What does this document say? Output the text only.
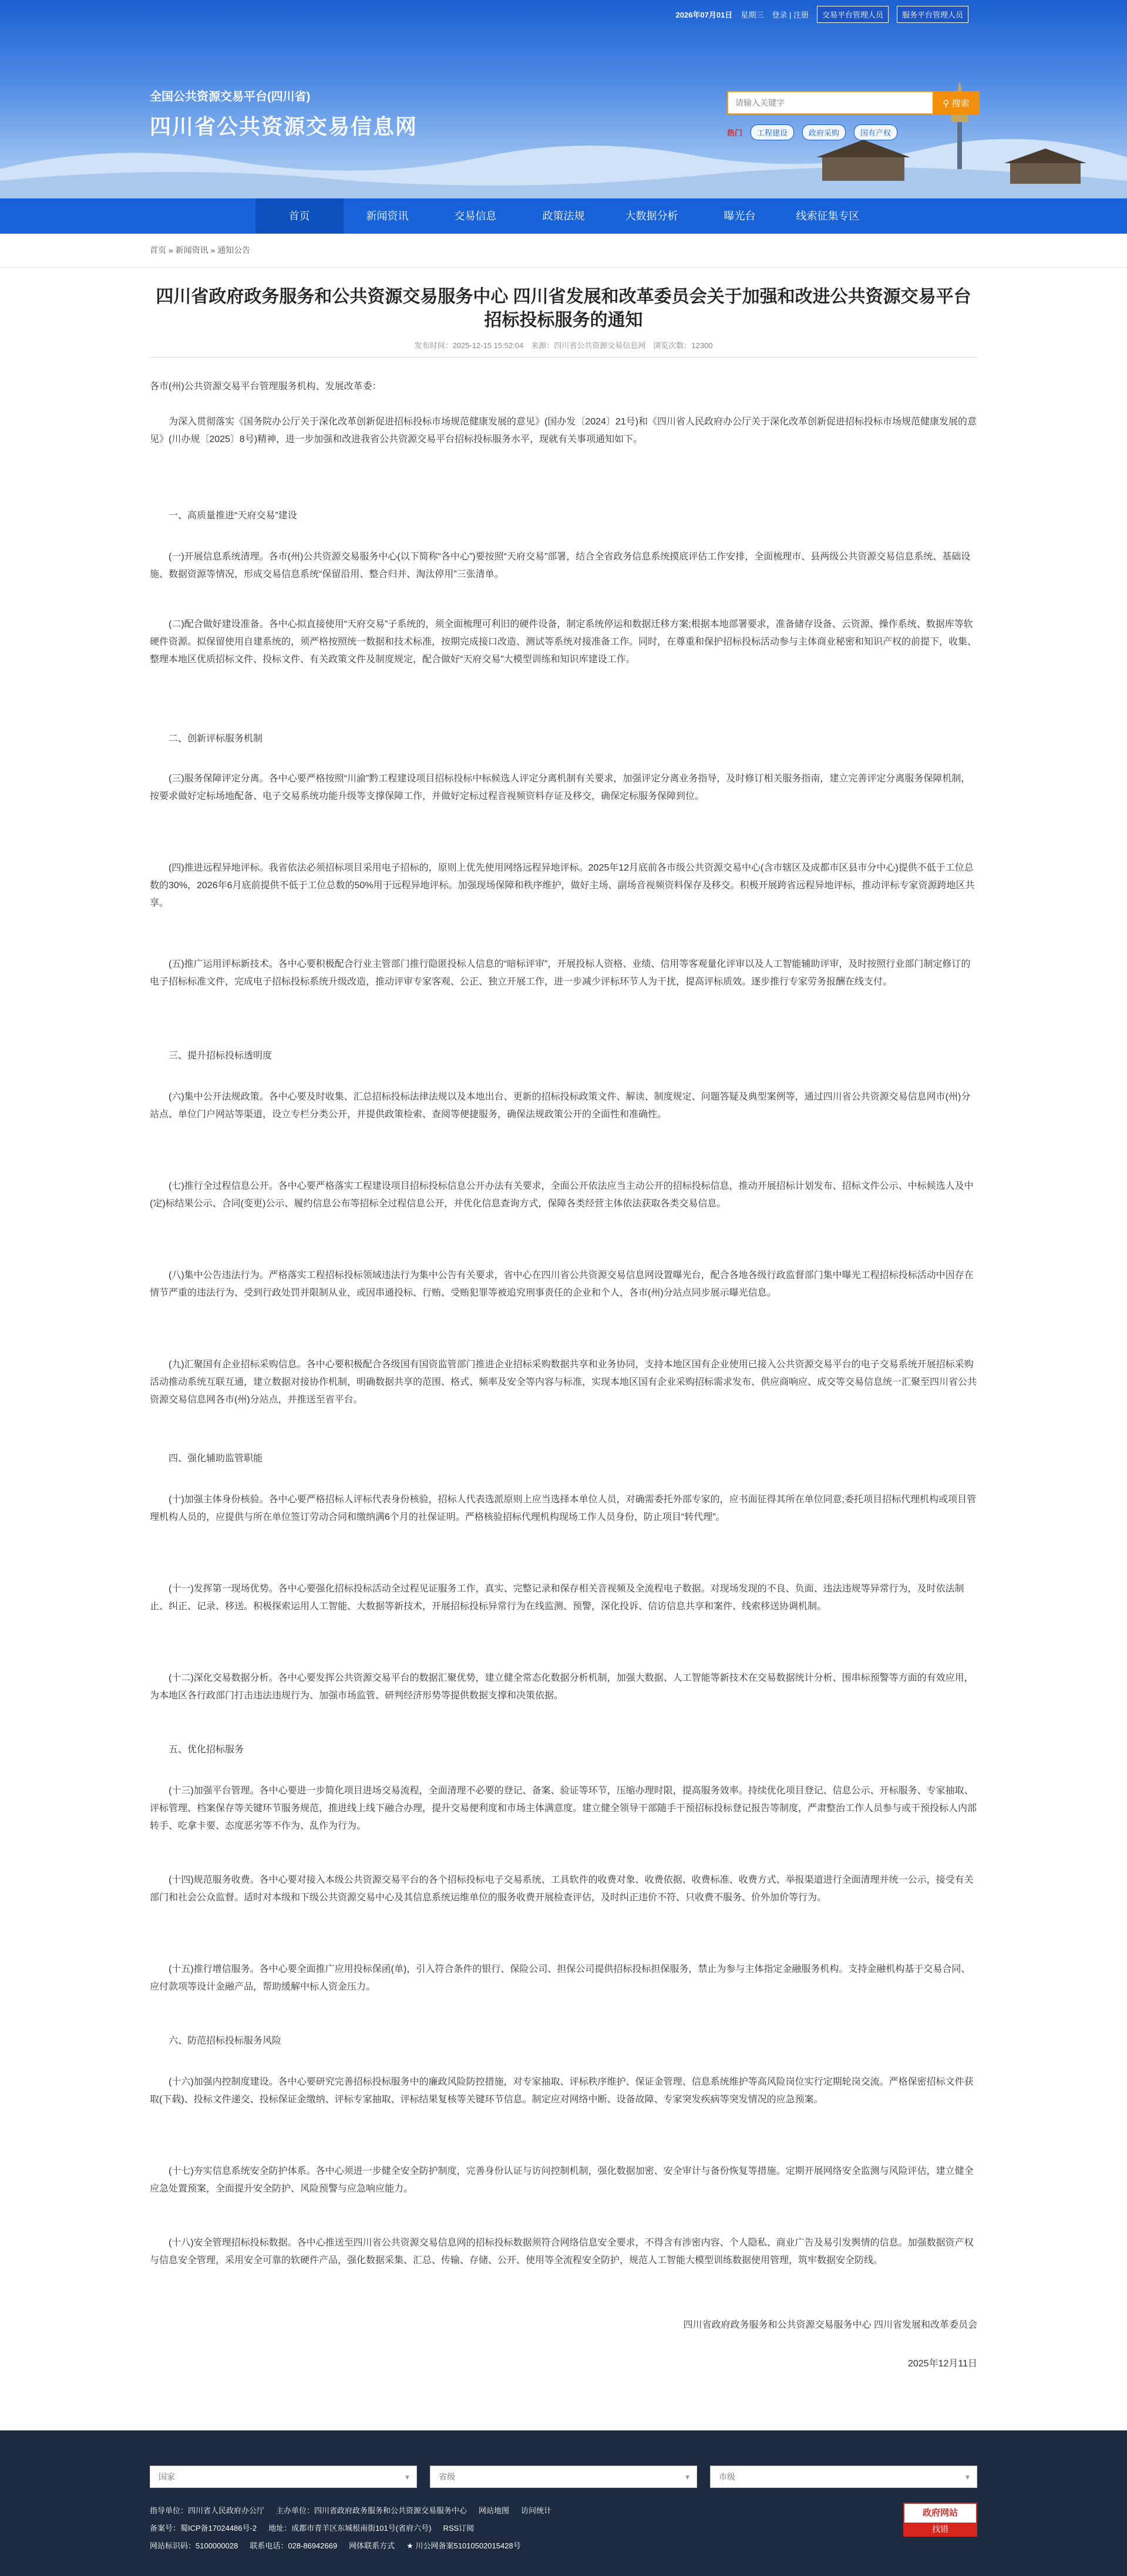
2026年07月01日 星期三 登录 | 注册	交易平台管理人员	服务平台管理人员
全国公共资源交易平台(四川省)
四川省公共资源交易信息网
请输入关键字
⚲ 搜索
热门	工程建设	政府采购	国有产权
首页	新闻资讯	交易信息	政策法规	大数据分析	曝光台	线索征集专区
首页 » 新闻资讯 » 通知公告
四川省政府政务服务和公共资源交易服务中心 四川省发展和改革委员会关于加强和改进公共资源交易平台招标投标服务的通知
发布时间：2025-12-15 15:52:04　来源：四川省公共资源交易信息网　浏览次数：12300
各市(州)公共资源交易平台管理服务机构、发展改革委：
为深入贯彻落实《国务院办公厅关于深化改革创新促进招标投标市场规范健康发展的意见》(国办发〔2024〕21号)和《四川省人民政府办公厅关于深化改革创新促进招标投标市场规范健康发展的意见》(川办规〔2025〕8号)精神，进一步加强和改进我省公共资源交易平台招标投标服务水平，现就有关事项通知如下。
一、高质量推进“天府交易”建设
(一)开展信息系统清理。各市(州)公共资源交易服务中心(以下简称“各中心”)要按照“天府交易”部署，结合全省政务信息系统摸底评估工作安排，全面梳理市、县两级公共资源交易信息系统、基础设施、数据资源等情况，形成交易信息系统“保留沿用、整合归并、淘汰停用”三张清单。
(二)配合做好建设准备。各中心拟直接使用“天府交易”子系统的，须全面梳理可利旧的硬件设备，制定系统停运和数据迁移方案;根据本地部署要求，准备储存设备、云资源、操作系统、数据库等软硬件资源。拟保留使用自建系统的，须严格按照统一数据和技术标准，按期完成接口改造、测试等系统对接准备工作。同时，在尊重和保护招标投标活动参与主体商业秘密和知识产权的前提下，收集、整理本地区优质招标文件、投标文件、有关政策文件及制度规定，配合做好“天府交易”大模型训练和知识库建设工作。
二、创新评标服务机制
(三)服务保障评定分离。各中心要严格按照“川渝”黔工程建设项目招标投标中标候选人评定分离机制有关要求，加强评定分离业务指导，及时修订相关服务指南，建立完善评定分离服务保障机制，按要求做好定标场地配备、电子交易系统功能升级等支撑保障工作，并做好定标过程音视频资料存证及移交，确保定标服务保障到位。
(四)推进远程异地评标。我省依法必须招标项目采用电子招标的，原则上优先使用网络远程异地评标。2025年12月底前各市级公共资源交易中心(含市辖区及成都市区县市分中心)提供不低于工位总数的30%，2026年6月底前提供不低于工位总数的50%用于远程异地评标。加强现场保障和秩序维护，做好主场、副场音视频资料保存及移交。积极开展跨省远程异地评标，推动评标专家资源跨地区共享。
(五)推广运用评标新技术。各中心要积极配合行业主管部门推行隐匿投标人信息的“暗标评审”，开展投标人资格、业绩、信用等客观量化评审以及人工智能辅助评审，及时按照行业部门制定修订的电子招标标准文件，完成电子招标投标系统升级改造，推动评审专家客观、公正、独立开展工作，进一步减少评标环节人为干扰，提高评标质效。逐步推行专家劳务报酬在线支付。
三、提升招标投标透明度
(六)集中公开法规政策。各中心要及时收集、汇总招标投标法律法规以及本地出台、更新的招标投标政策文件、解读、制度规定、问题答疑及典型案例等，通过四川省公共资源交易信息网市(州)分站点、单位门户网站等渠道，设立专栏分类公开，并提供政策检索、查阅等便捷服务，确保法规政策公开的全面性和准确性。
(七)推行全过程信息公开。各中心要严格落实工程建设项目招标投标信息公开办法有关要求，全面公开依法应当主动公开的招标投标信息，推动开展招标计划发布、招标文件公示、中标候选人及中(定)标结果公示、合同(变更)公示、履约信息公布等招标全过程信息公开，并优化信息查询方式，保障各类经营主体依法获取各类交易信息。
(八)集中公告违法行为。严格落实工程招标投标领域违法行为集中公告有关要求，省中心在四川省公共资源交易信息网设置曝光台，配合各地各级行政监督部门集中曝光工程招标投标活动中因存在情节严重的违法行为、受到行政处罚并限制从业，或因串通投标、行贿、受贿犯罪等被追究刑事责任的企业和个人，各市(州)分站点同步展示曝光信息。
(九)汇聚国有企业招标采购信息。各中心要积极配合各级国有国资监管部门推进企业招标采购数据共享和业务协同，支持本地区国有企业使用已接入公共资源交易平台的电子交易系统开展招标采购活动推动系统互联互通，建立数据对接协作机制，明确数据共享的范围、格式、频率及安全等内容与标准，实现本地区国有企业采购招标需求发布、供应商响应、成交等交易信息统一汇聚至四川省公共资源交易信息网各市(州)分站点，并推送至省平台。
四、强化辅助监管职能
(十)加强主体身份核验。各中心要严格招标人评标代表身份核验，招标人代表选派原则上应当选择本单位人员，对确需委托外部专家的，应书面征得其所在单位同意;委托项目招标代理机构或项目管理机构人员的，应提供与所在单位签订劳动合同和缴纳满6个月的社保证明。严格核验招标代理机构现场工作人员身份，防止项目“转代理”。
(十一)发挥第一现场优势。各中心要强化招标投标活动全过程见证服务工作，真实、完整记录和保存相关音视频及全流程电子数据。对现场发现的不良、负面、违法违规等异常行为，及时依法制止、纠正、记录、移送。积极探索运用人工智能、大数据等新技术，开展招标投标异常行为在线监测、预警，深化投诉、信访信息共享和案件、线索移送协调机制。
(十二)深化交易数据分析。各中心要发挥公共资源交易平台的数据汇聚优势，建立健全常态化数据分析机制，加强大数据、人工智能等新技术在交易数据统计分析、围串标预警等方面的有效应用，为本地区各行政部门打击违法违规行为、加强市场监管、研判经济形势等提供数据支撑和决策依据。
五、优化招标服务
(十三)加强平台管理。各中心要进一步简化项目进场交易流程，全面清理不必要的登记、备案、验证等环节，压缩办理时限，提高服务效率。持续优化项目登记、信息公示、开标服务、专家抽取、评标管理、档案保存等关键环节服务规范，推进线上线下融合办理，提升交易便利度和市场主体满意度。建立健全领导干部随手干预招标投标登记报告等制度，严肃整治工作人员参与或干预投标人内部转手、吃拿卡要、态度恶劣等不作为、乱作为行为。
(十四)规范服务收费。各中心要对接入本级公共资源交易平台的各个招标投标电子交易系统、工具软件的收费对象、收费依据、收费标准、收费方式、举报渠道进行全面清理并统一公示，接受有关部门和社会公众监督。适时对本级和下级公共资源交易中心及其信息系统运维单位的服务收费开展检查评估，及时纠正违价不符、只收费不服务、价外加价等行为。
(十五)推行增信服务。各中心要全面推广应用投标保函(单)，引入符合条件的银行、保险公司、担保公司提供招标投标担保服务，禁止为参与主体指定金融服务机构。支持金融机构基于交易合同、应付款项等设计金融产品，帮助缓解中标人资金压力。
六、防范招标投标服务风险
(十六)加强内控制度建设。各中心要研究完善招标投标服务中的廉政风险防控措施，对专家抽取、评标秩序维护、保证金管理、信息系统维护等高风险岗位实行定期轮岗交流。严格保密招标文件获取(下载)、投标文件递交、投标保证金缴纳、评标专家抽取、评标结果复核等关键环节信息。制定应对网络中断、设备故障、专家突发疾病等突发情况的应急预案。
(十七)夯实信息系统安全防护体系。各中心须进一步健全安全防护制度，完善身份认证与访问控制机制，强化数据加密、安全审计与备份恢复等措施。定期开展网络安全监测与风险评估，建立健全应急处置预案，全面提升安全防护、风险预警与应急响应能力。
(十八)安全管理招标投标数据。各中心推送至四川省公共资源交易信息网的招标投标数据须符合网络信息安全要求，不得含有涉密内容、个人隐私、商业广告及易引发舆情的信息。加强数据资产权与信息安全管理，采用安全可靠的软硬件产品，强化数据采集、汇总、传输、存储、公开、使用等全流程安全防护，规范人工智能大模型训练数据使用管理，筑牢数据安全防线。
四川省政府政务服务和公共资源交易服务中心 四川省发展和改革委员会
2025年12月11日
国家	▾	省级	▾	市级	▾
指导单位：四川省人民政府办公厅 主办单位：四川省政府政务服务和公共资源交易服务中心 网站地图 访问统计
备案号：蜀ICP备17024486号-2 地址：成都市青羊区东城根南街101号(省府六号) RSS订阅
网站标识码：5100000028 联系电话：028-86942669 网体联系方式 ★ 川公网备案51010502015428号
政府网站
找错
